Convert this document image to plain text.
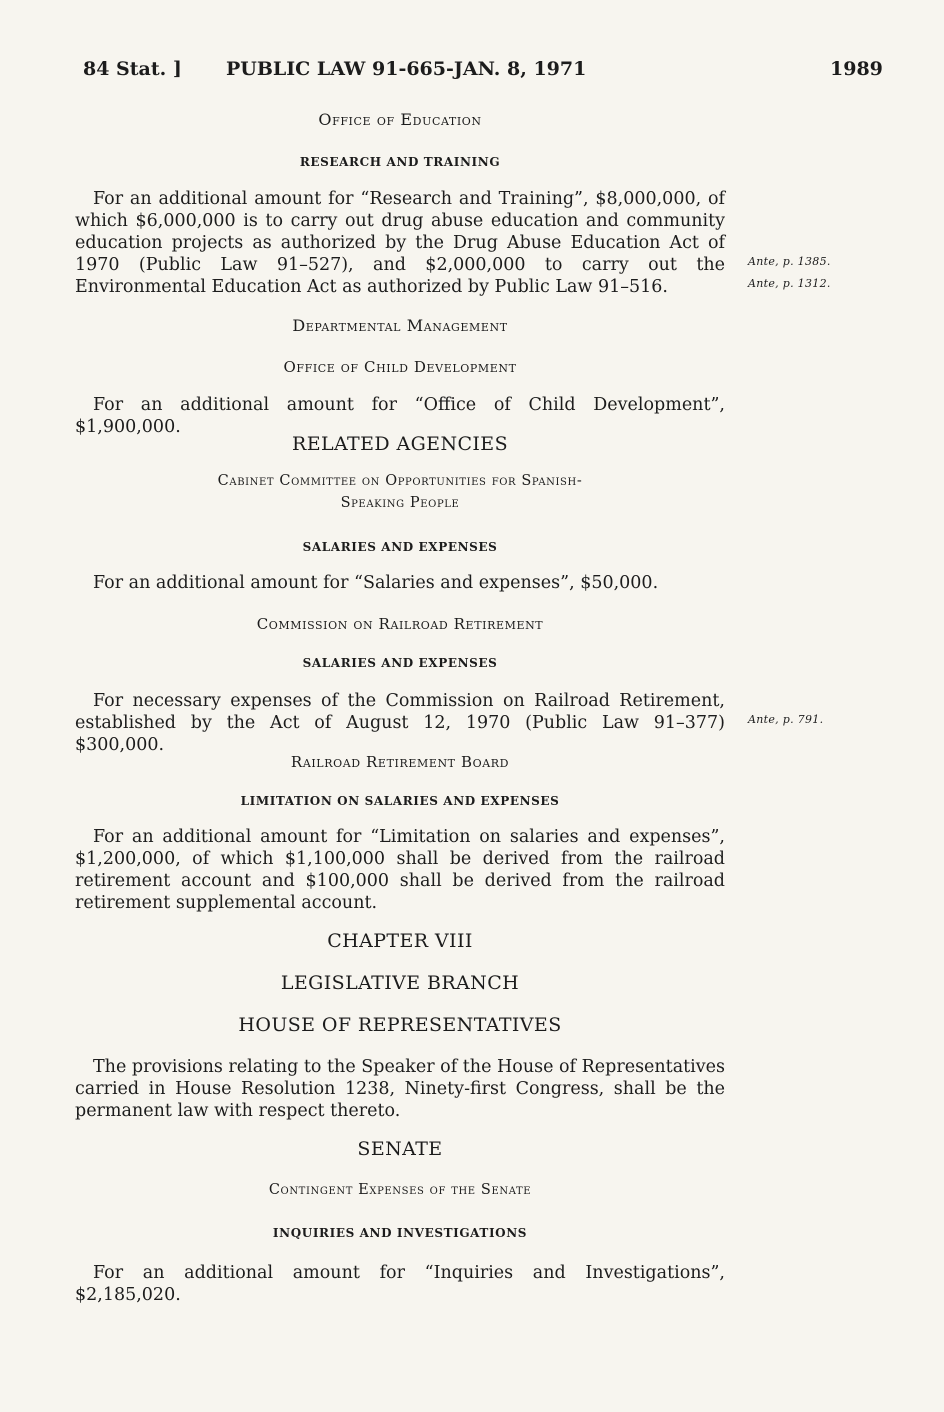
84 Stat. ] PUBLIC LAW 91-665-JAN. 8, 1971	1989
Office of Education
RESEARCH AND TRAINING
For an additional amount for “Research and Training”, $8,000,000, of which $6,000,000 is to carry out drug abuse education and community education projects as authorized by the Drug Abuse Education Act of 1970 (Public Law 91–527), and $2,000,000 to carry out the Environmental Education Act as authorized by Public Law 91–516.
Ante, p. 1385.
Ante, p. 1312.
Departmental Management
Office of Child Development
For an additional amount for “Office of Child Development”, $1,900,000.
RELATED AGENCIES
Cabinet Committee on Opportunities for Spanish-
Speaking People
SALARIES AND EXPENSES
For an additional amount for “Salaries and expenses”, $50,000.
Commission on Railroad Retirement
SALARIES AND EXPENSES
For necessary expenses of the Commission on Railroad Retirement, established by the Act of August 12, 1970 (Public Law 91–377) $300,000.
Ante, p. 791.
Railroad Retirement Board
LIMITATION ON SALARIES AND EXPENSES
For an additional amount for “Limitation on salaries and expenses”, $1,200,000, of which $1,100,000 shall be derived from the railroad retirement account and $100,000 shall be derived from the railroad retirement supplemental account.
CHAPTER VIII
LEGISLATIVE BRANCH
HOUSE OF REPRESENTATIVES
The provisions relating to the Speaker of the House of Representatives carried in House Resolution 1238, Ninety-first Congress, shall be the permanent law with respect thereto.
SENATE
Contingent Expenses of the Senate
INQUIRIES AND INVESTIGATIONS
For an additional amount for “Inquiries and Investigations”, $2,185,020.
